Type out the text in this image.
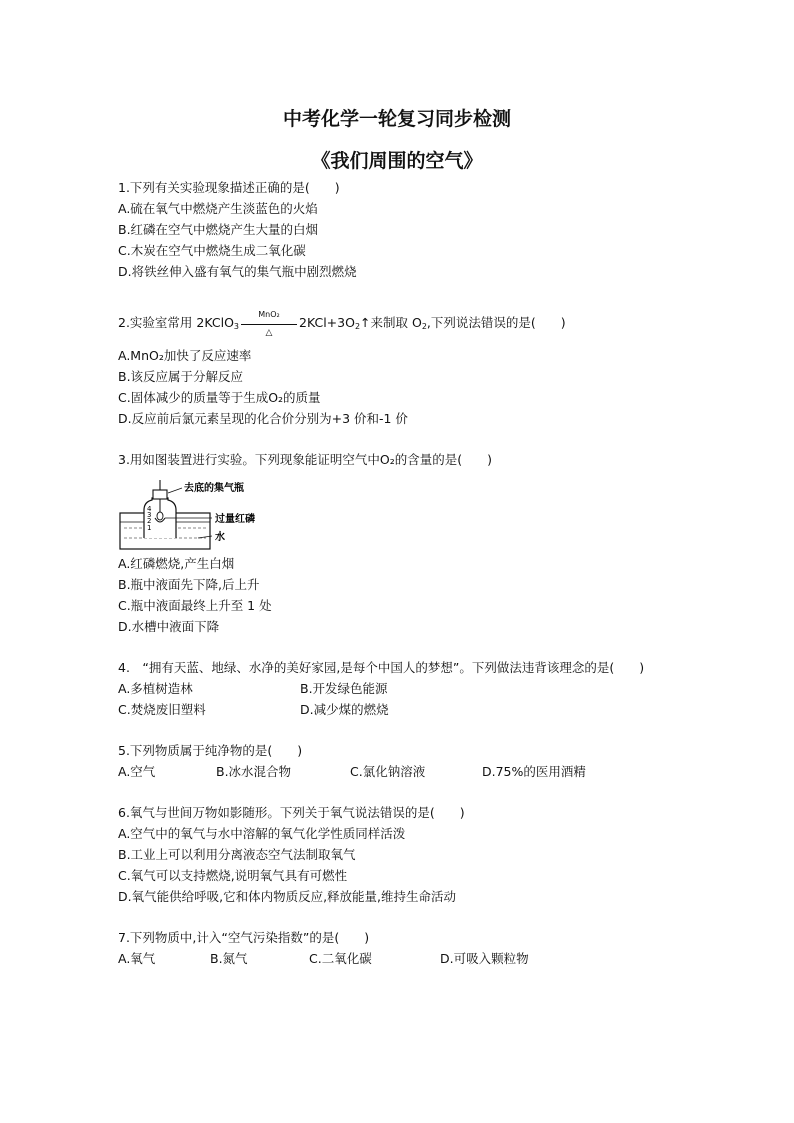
中考化学一轮复习同步检测
《我们周围的空气》
1.下列有关实验现象描述正确的是(　　)
A.硫在氧气中燃烧产生淡蓝色的火焰
B.红磷在空气中燃烧产生大量的白烟
C.木炭在空气中燃烧生成二氧化碳
D.将铁丝伸入盛有氧气的集气瓶中剧烈燃烧
2.实验室常用 2KClO$_3$ $\frac{\text{MnO₂}}{\triangle}$ $2KCl+3O_2↑$来制取 $O_2$,下列说法错误的是(　　)
A.MnO₂加快了反应速率
B.该反应属于分解反应
C.固体减少的质量等于生成O₂的质量
D.反应前后氯元素呈现的化合价分别为+3 价和-1 价
3.用如图装置进行实验。下列现象能证明空气中O₂的含量的是(　　)
4
3
2
1
去底的集气瓶
过量红磷
水
A.红磷燃烧,产生白烟
B.瓶中液面先下降,后上升
C.瓶中液面最终上升至 1 处
D.水槽中液面下降
4.　“拥有天蓝、地绿、水净的美好家园,是每个中国人的梦想”。下列做法违背该理念的是(　　)
A.多植树造林	B.开发绿色能源
C.焚烧废旧塑料	D.减少煤的燃烧
5.下列物质属于纯净物的是(　　)
A.空气	B.冰水混合物	C.氯化钠溶液	D.75%的医用酒精
6.氧气与世间万物如影随形。下列关于氧气说法错误的是(　　)
A.空气中的氧气与水中溶解的氧气化学性质同样活泼
B.工业上可以利用分离液态空气法制取氧气
C.氧气可以支持燃烧,说明氧气具有可燃性
D.氧气能供给呼吸,它和体内物质反应,释放能量,维持生命活动
7.下列物质中,计入“空气污染指数”的是(　　)
A.氧气	B.氮气	C.二氧化碳	D.可吸入颗粒物
